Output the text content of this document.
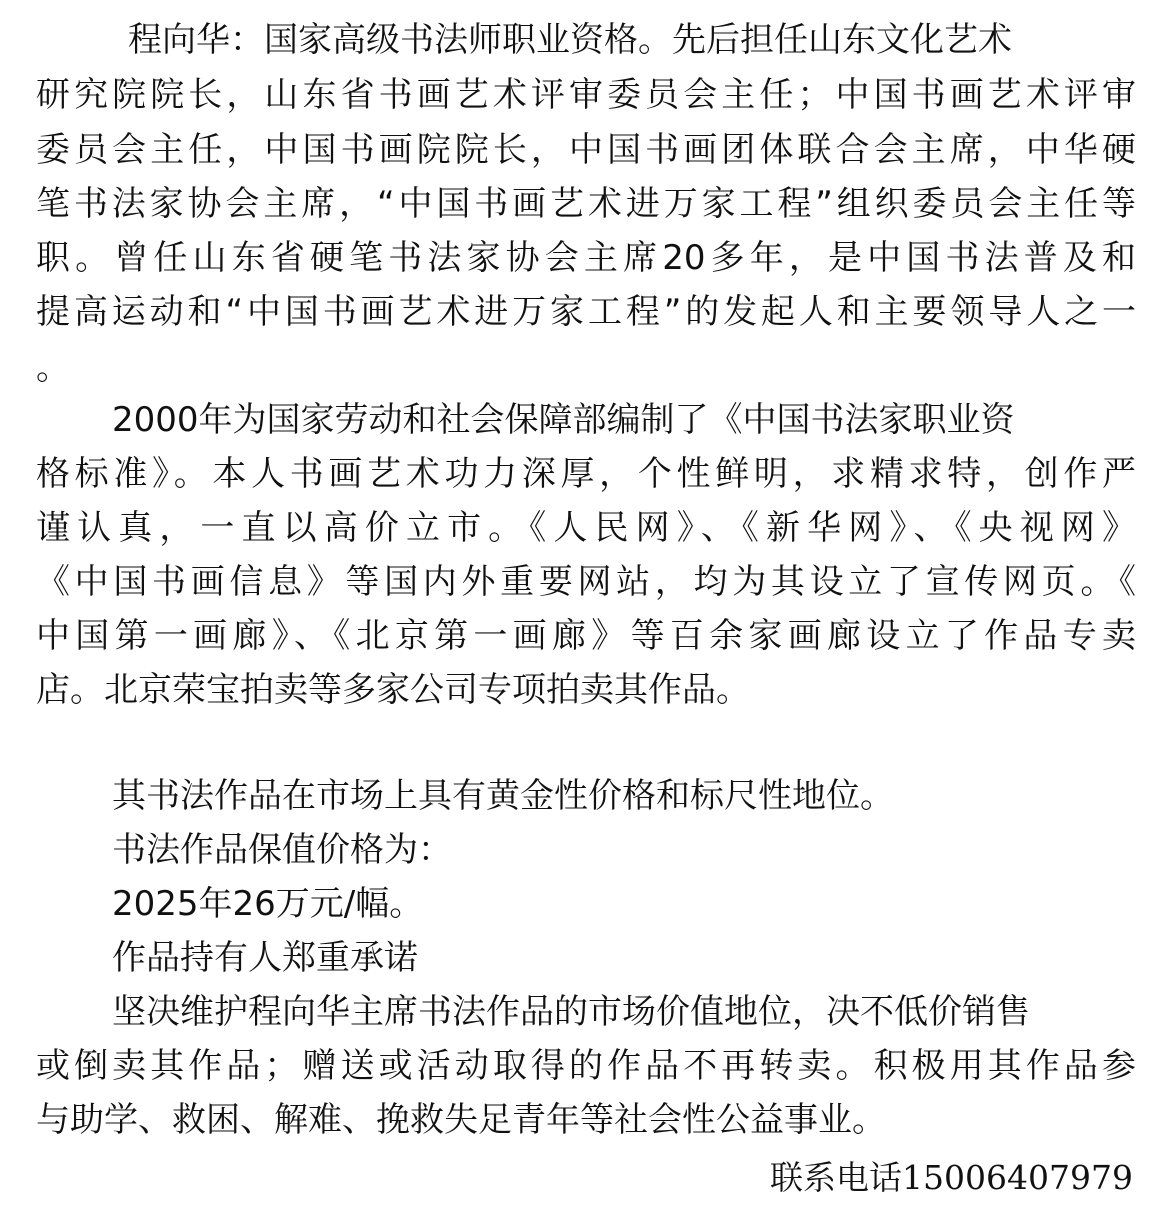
程向华：国家高级书法师职业资格。先后担任山东文化艺术
研究院院长，山东省书画艺术评审委员会主任；中国书画艺术评审
委员会主任，中国书画院院长，中国书画团体联合会主席，中华硬
笔书法家协会主席，“中国书画艺术进万家工程”组织委员会主任等
职。曾任山东省硬笔书法家协会主席20多年，是中国书法普及和
提高运动和“中国书画艺术进万家工程”的发起人和主要领导人之一
。
2000年为国家劳动和社会保障部编制了《中国书法家职业资
格标准》。本人书画艺术功力深厚，个性鲜明，求精求特，创作严
谨认真，一直以高价立市。《人民网》、《新华网》、《央视网》
《中国书画信息》等国内外重要网站，均为其设立了宣传网页。《
中国第一画廊》、《北京第一画廊》等百余家画廊设立了作品专卖
店。北京荣宝拍卖等多家公司专项拍卖其作品。
其书法作品在市场上具有黄金性价格和标尺性地位。
书法作品保值价格为：
2025年26万元/幅。
作品持有人郑重承诺
坚决维护程向华主席书法作品的市场价值地位，决不低价销售
或倒卖其作品；赠送或活动取得的作品不再转卖。积极用其作品参
与助学、救困、解难、挽救失足青年等社会性公益事业。
联系电话15006407979
